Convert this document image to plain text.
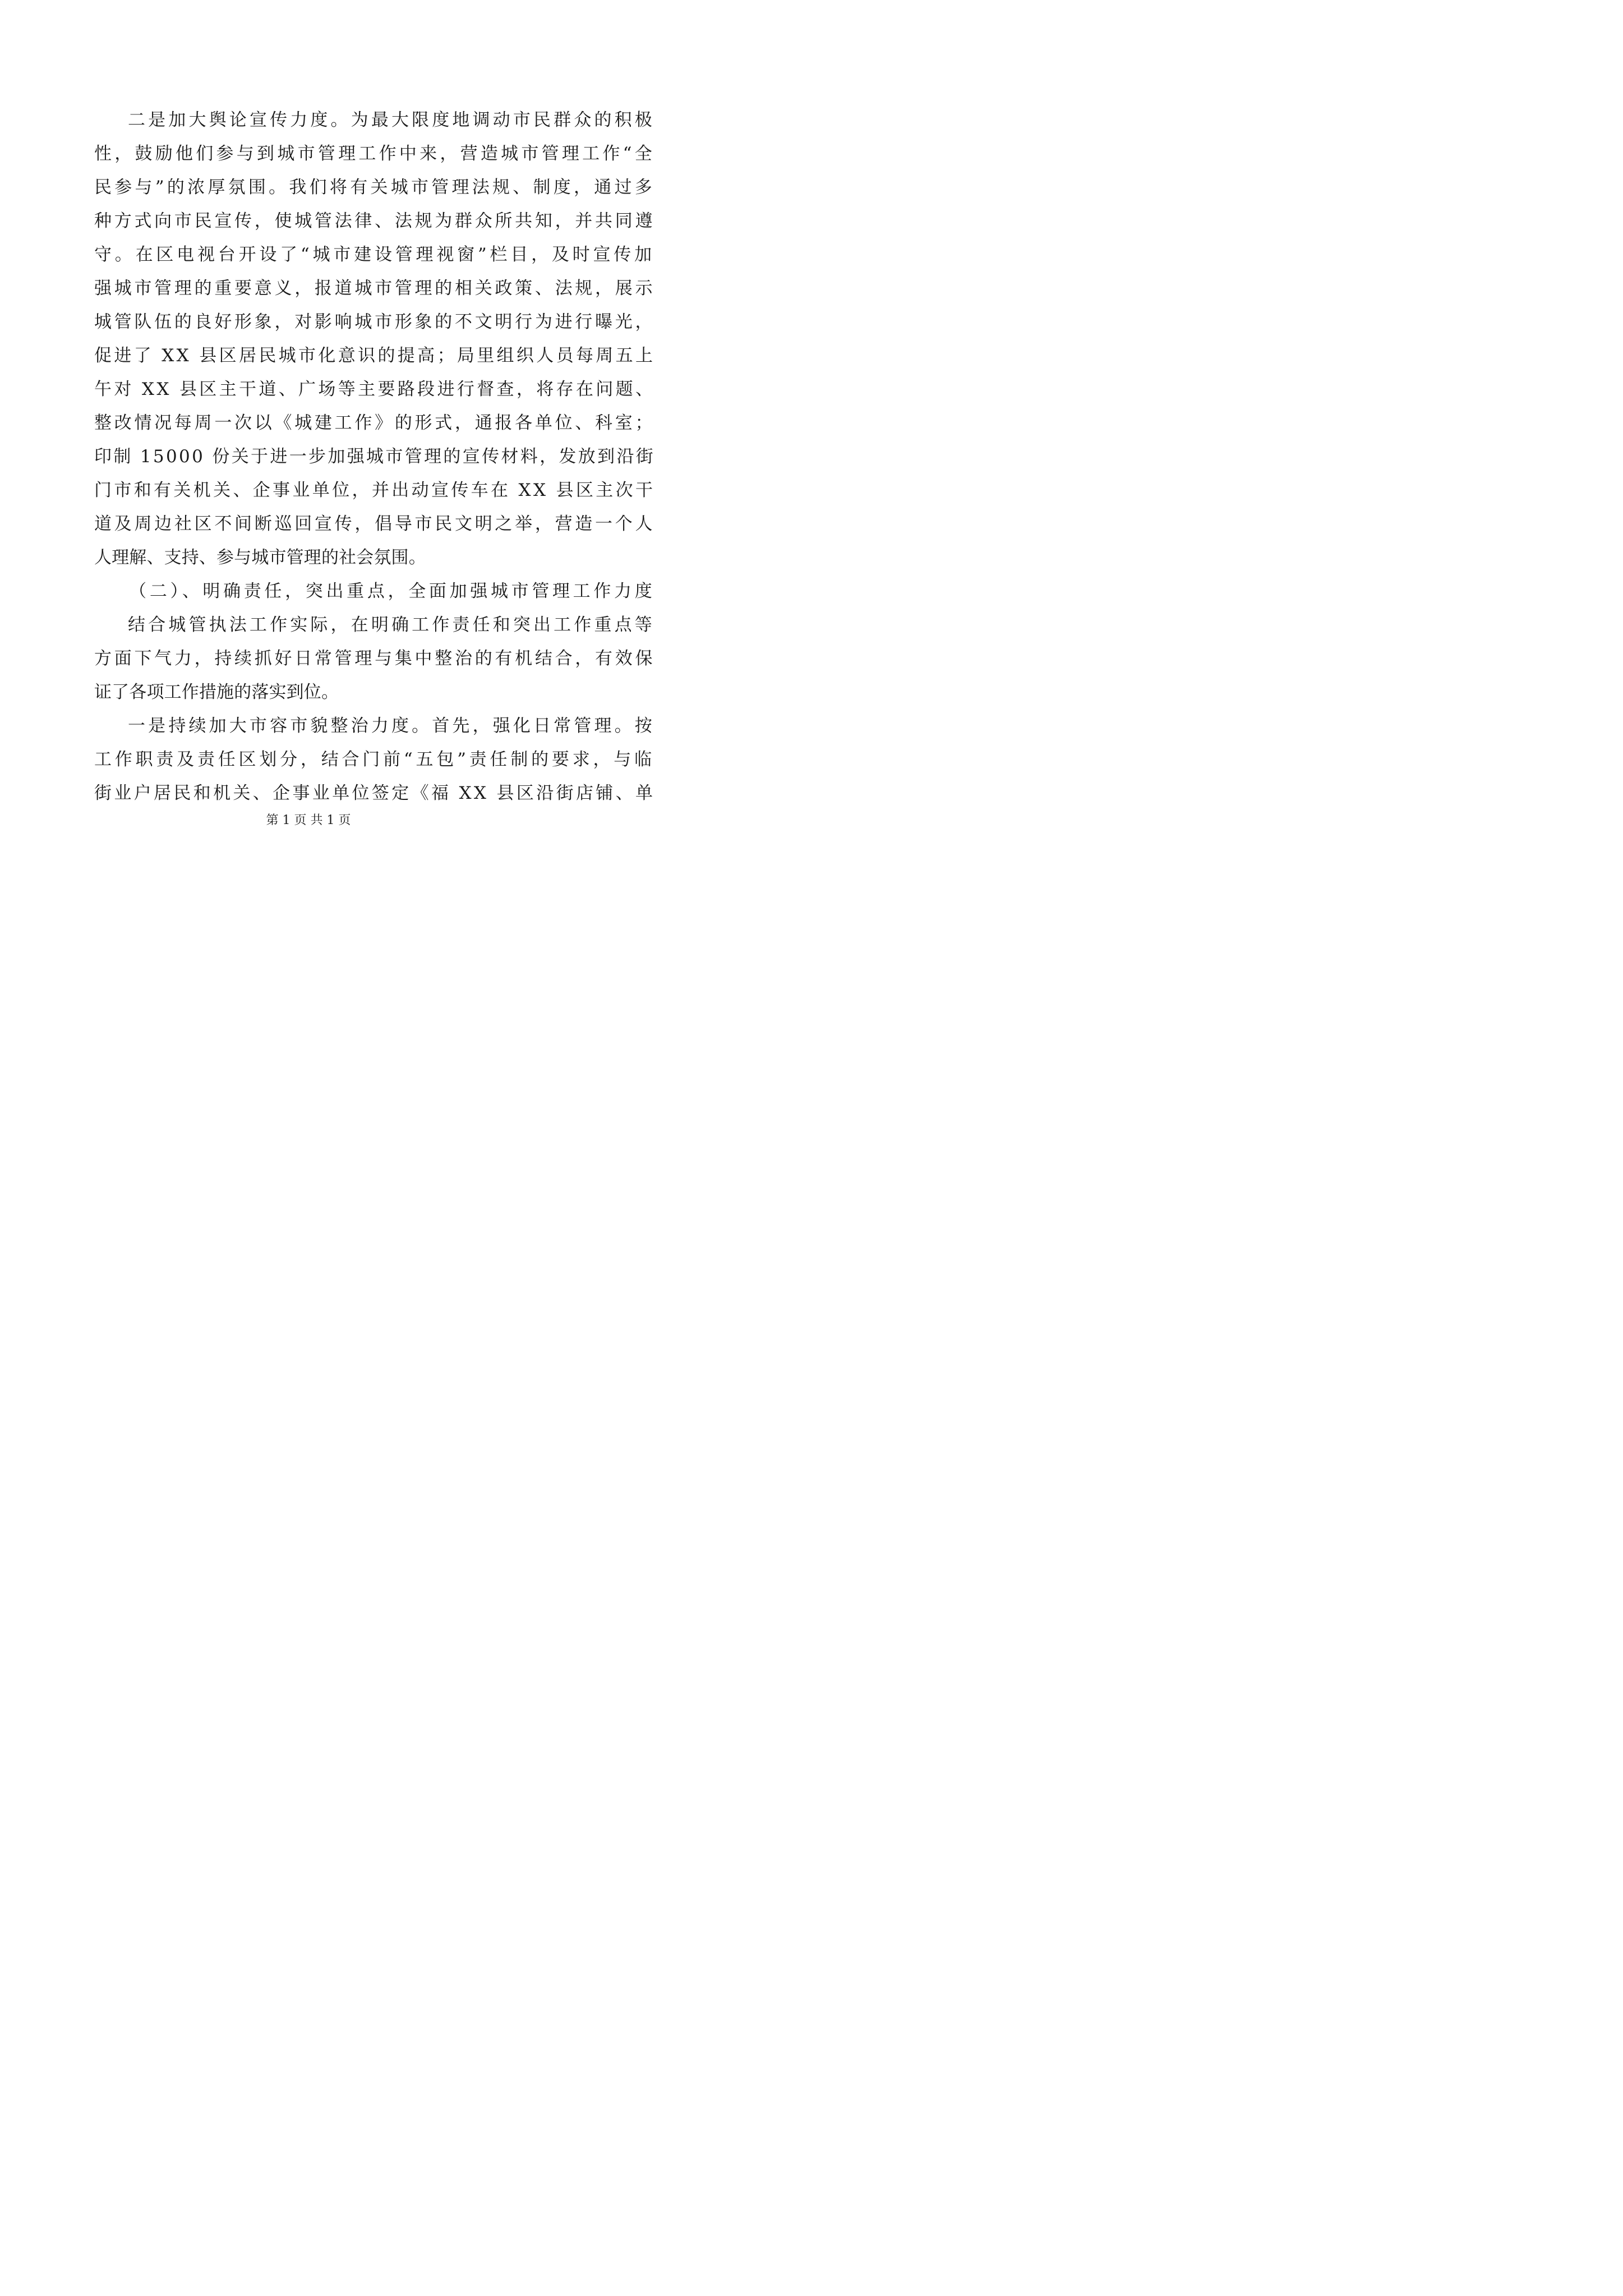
二是加大舆论宣传力度。为最大限度地调动市民群众的积极
性，鼓励他们参与到城市管理工作中来，营造城市管理工作“全
民参与”的浓厚氛围。我们将有关城市管理法规、制度，通过多
种方式向市民宣传，使城管法律、法规为群众所共知，并共同遵
守。在区电视台开设了“城市建设管理视窗”栏目，及时宣传加
强城市管理的重要意义，报道城市管理的相关政策、法规，展示
城管队伍的良好形象，对影响城市形象的不文明行为进行曝光，
促进了 XX 县区居民城市化意识的提高；局里组织人员每周五上
午对 XX 县区主干道、广场等主要路段进行督查，将存在问题、
整改情况每周一次以《城建工作》的形式，通报各单位、科室；
印制 15000 份关于进一步加强城市管理的宣传材料，发放到沿街
门市和有关机关、企事业单位，并出动宣传车在 XX 县区主次干
道及周边社区不间断巡回宣传，倡导市民文明之举，营造一个人
人理解、支持、参与城市管理的社会氛围。
（二）、明确责任，突出重点，全面加强城市管理工作力度
结合城管执法工作实际，在明确工作责任和突出工作重点等
方面下气力，持续抓好日常管理与集中整治的有机结合，有效保
证了各项工作措施的落实到位。
一是持续加大市容市貌整治力度。首先，强化日常管理。按
工作职责及责任区划分，结合门前“五包”责任制的要求，与临
街业户居民和机关、企事业单位签定《福 XX 县区沿街店铺、单
第 1 页 共 1 页
